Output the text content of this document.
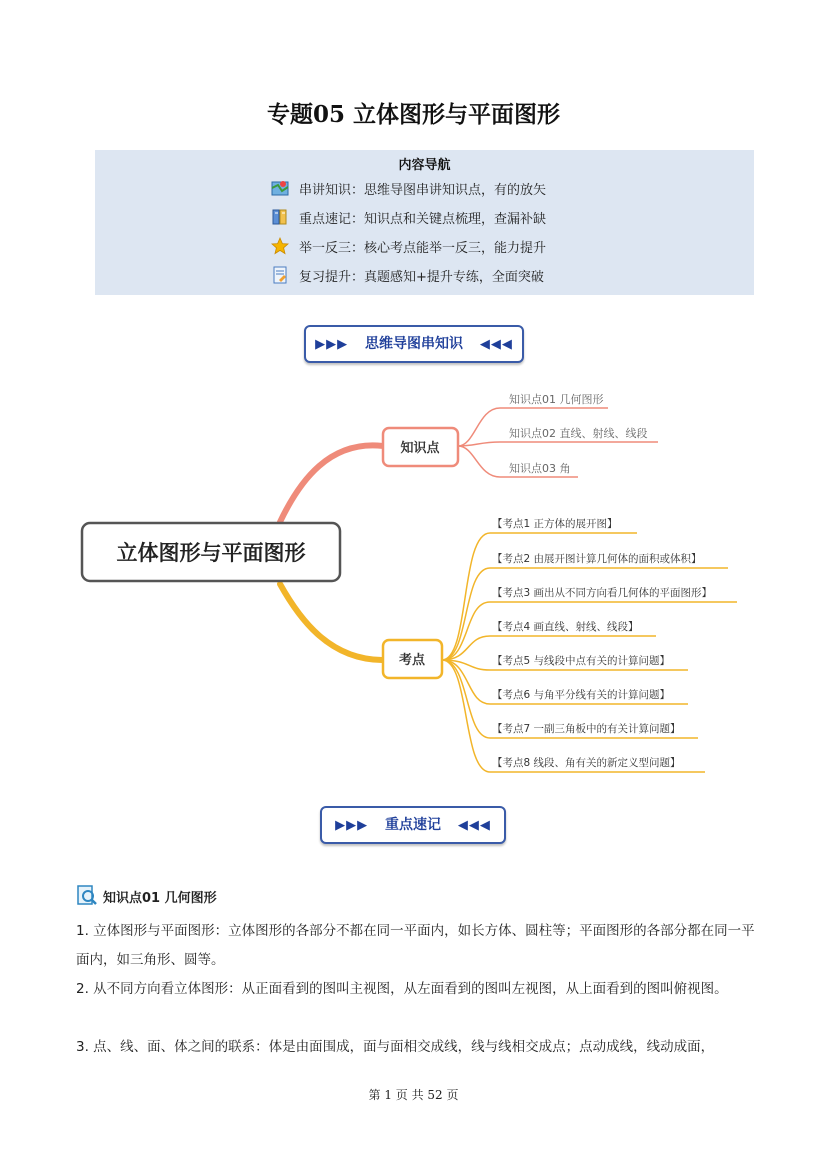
专题05 立体图形与平面图形
内容导航
串讲知识：思维导图串讲知识点，有的放矢
重点速记：知识点和关键点梳理，查漏补缺
举一反三：核心考点能举一反三，能力提升
复习提升：真题感知+提升专练，全面突破
▶▶▶ 思维导图串知识 ◀◀◀
立体图形与平面图形
知识点
知识点01 几何图形
知识点02 直线、射线、线段
知识点03 角
考点
【考点1 正方体的展开图】
【考点2 由展开图计算几何体的面积或体积】
【考点3 画出从不同方向看几何体的平面图形】
【考点4 画直线、射线、线段】
【考点5 与线段中点有关的计算问题】
【考点6 与角平分线有关的计算问题】
【考点7 一副三角板中的有关计算问题】
【考点8 线段、角有关的新定义型问题】
▶▶▶ 重点速记 ◀◀◀
知识点01 几何图形
1. 立体图形与平面图形：立体图形的各部分不都在同一平面内，如长方体、圆柱等；平面图形的各部分都在同一平面内，如三角形、圆等。
2. 从不同方向看立体图形：从正面看到的图叫主视图，从左面看到的图叫左视图，从上面看到的图叫俯视图。
3. 点、线、面、体之间的联系：体是由面围成，面与面相交成线，线与线相交成点；点动成线，线动成面，
第 1 页 共 52 页
